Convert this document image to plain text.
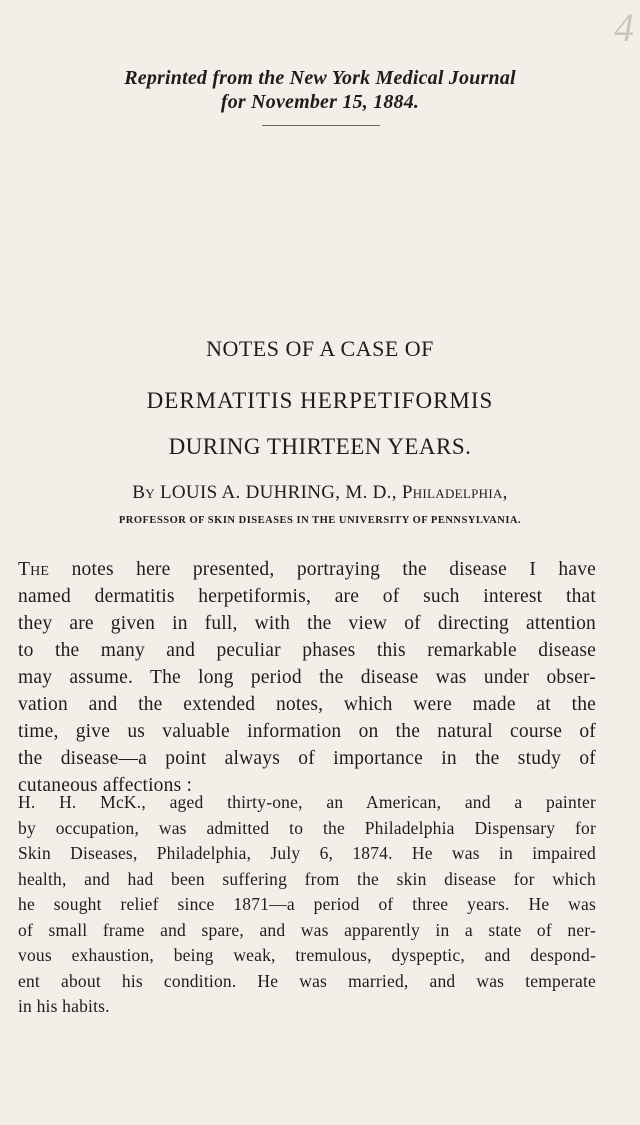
4
Reprinted from the New York Medical Journal
for November 15, 1884.
NOTES OF A CASE OF
DERMATITIS HERPETIFORMIS
DURING THIRTEEN YEARS.
By LOUIS A. DUHRING, M. D., Philadelphia,
PROFESSOR OF SKIN DISEASES IN THE UNIVERSITY OF PENNSYLVANIA.
The notes here presented, portraying the disease I have
named dermatitis herpetiformis, are of such interest that
they are given in full, with the view of directing attention
to the many and peculiar phases this remarkable disease
may assume. The long period the disease was under obser-
vation and the extended notes, which were made at the
time, give us valuable information on the natural course of
the disease—a point always of importance in the study of
cutaneous affections :
H. H. McK., aged thirty-one, an American, and a painter
by occupation, was admitted to the Philadelphia Dispensary for
Skin Diseases, Philadelphia, July 6, 1874. He was in impaired
health, and had been suffering from the skin disease for which
he sought relief since 1871—a period of three years. He was
of small frame and spare, and was apparently in a state of ner-
vous exhaustion, being weak, tremulous, dyspeptic, and despond-
ent about his condition. He was married, and was temperate
in his habits.
